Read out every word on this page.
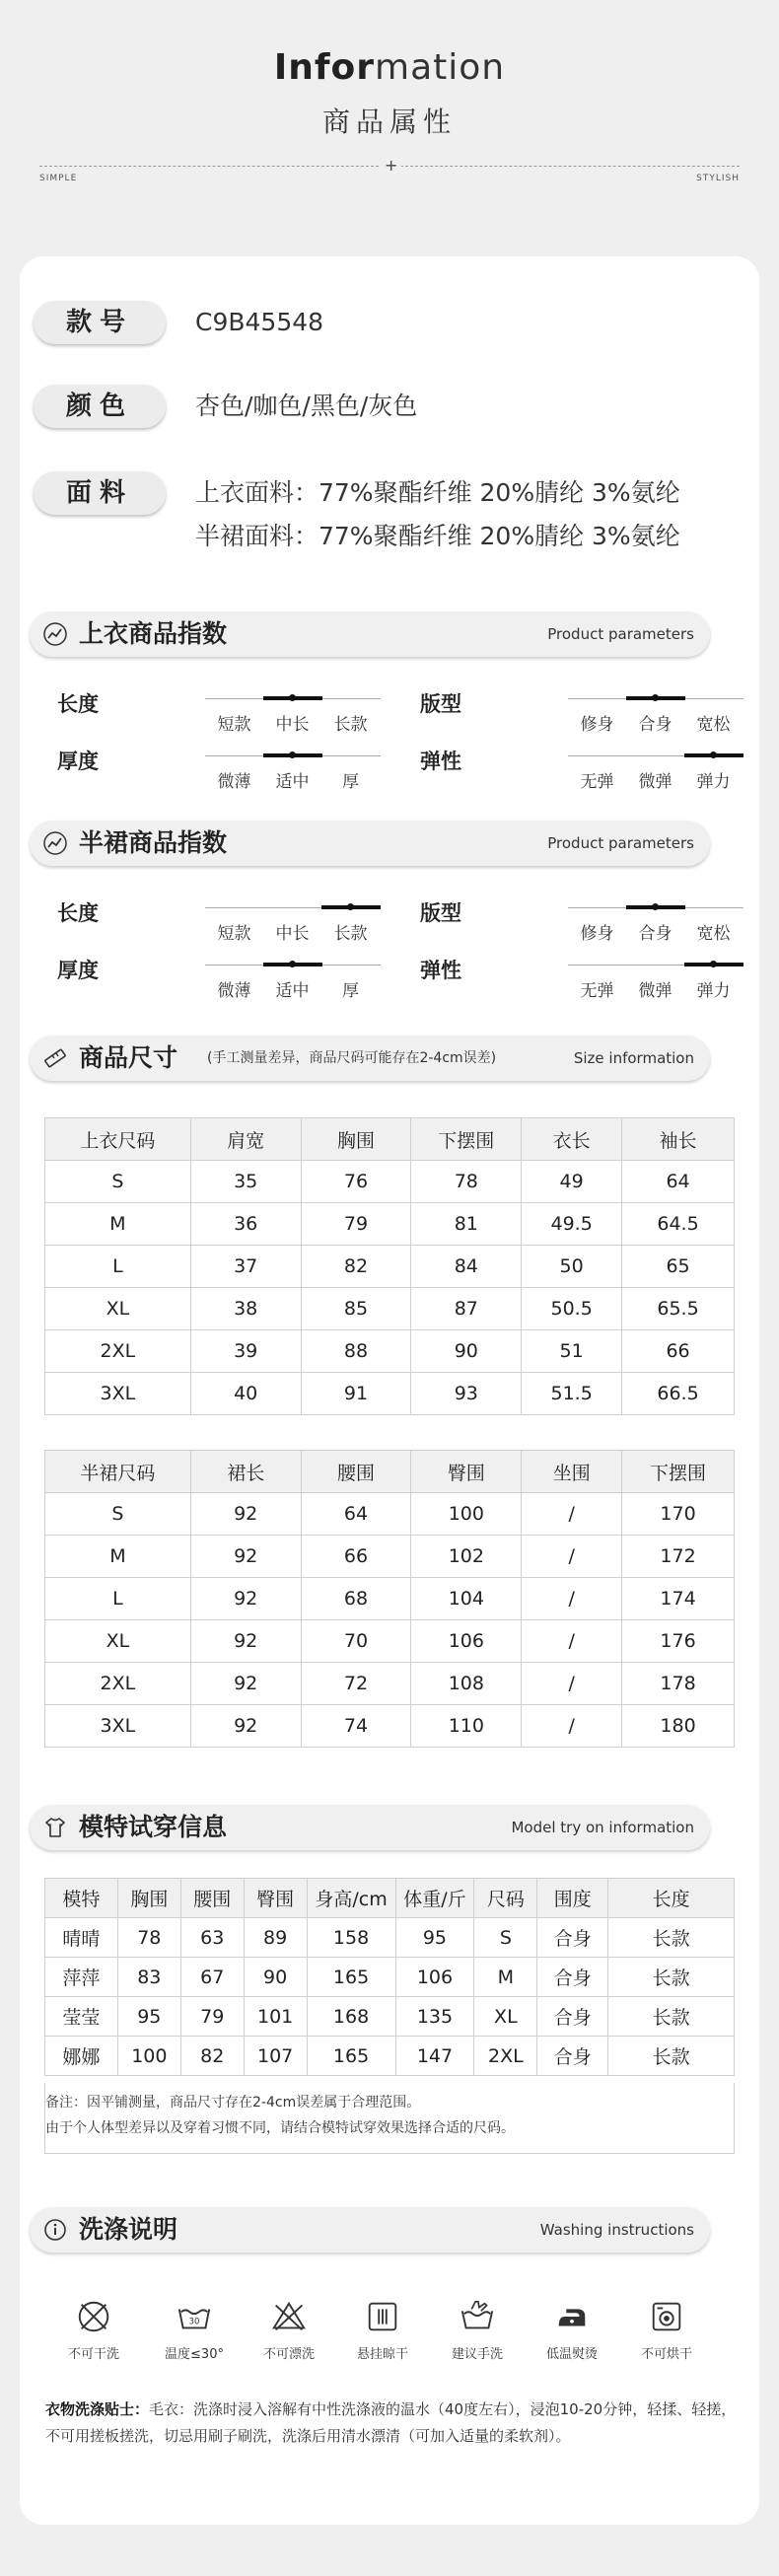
Information
商品属性
+
SIMPLE	STYLISH
款号	C9B45548
颜色	杏色/咖色/黑色/灰色
面料	上衣面料：77%聚酯纤维 20%腈纶 3%氨纶
半裙面料：77%聚酯纤维 20%腈纶 3%氨纶
上衣商品指数	Product parameters
长度
短款	中长	长款
版型
修身	合身	宽松
厚度
微薄	适中	厚
弹性
无弹	微弹	弹力
半裙商品指数	Product parameters
长度
短款	中长	长款
版型
修身	合身	宽松
厚度
微薄	适中	厚
弹性
无弹	微弹	弹力
商品尺寸 (手工测量差异，商品尺码可能存在2-4cm误差)	Size information
上衣尺码	肩宽	胸围	下摆围	衣长	袖长
S	35	76	78	49	64
M	36	79	81	49.5	64.5
L	37	82	84	50	65
XL	38	85	87	50.5	65.5
2XL	39	88	90	51	66
3XL	40	91	93	51.5	66.5
半裙尺码	裙长	腰围	臀围	坐围	下摆围
S	92	64	100	/	170
M	92	66	102	/	172
L	92	68	104	/	174
XL	92	70	106	/	176
2XL	92	72	108	/	178
3XL	92	74	110	/	180
模特试穿信息	Model try on information
模特	胸围	腰围	臀围	身高/cm	体重/斤	尺码	围度	长度
晴晴	78	63	89	158	95	S	合身	长款
萍萍	83	67	90	165	106	M	合身	长款
莹莹	95	79	101	168	135	XL	合身	长款
娜娜	100	82	107	165	147	2XL	合身	长款
备注：因平铺测量，商品尺寸存在2-4cm误差属于合理范围。
由于个人体型差异以及穿着习惯不同，请结合模特试穿效果选择合适的尺码。
洗涤说明	Washing instructions
不可干洗
30
温度≤30°	不可漂洗	悬挂晾干	建议手洗	低温熨烫	不可烘干
衣物洗涤贴士：毛衣：洗涤时浸入溶解有中性洗涤液的温水（40度左右），浸泡10-20分钟，轻揉、轻搓，不可用搓板搓洗，切忌用刷子刷洗，洗涤后用清水漂清（可加入适量的柔软剂）。
